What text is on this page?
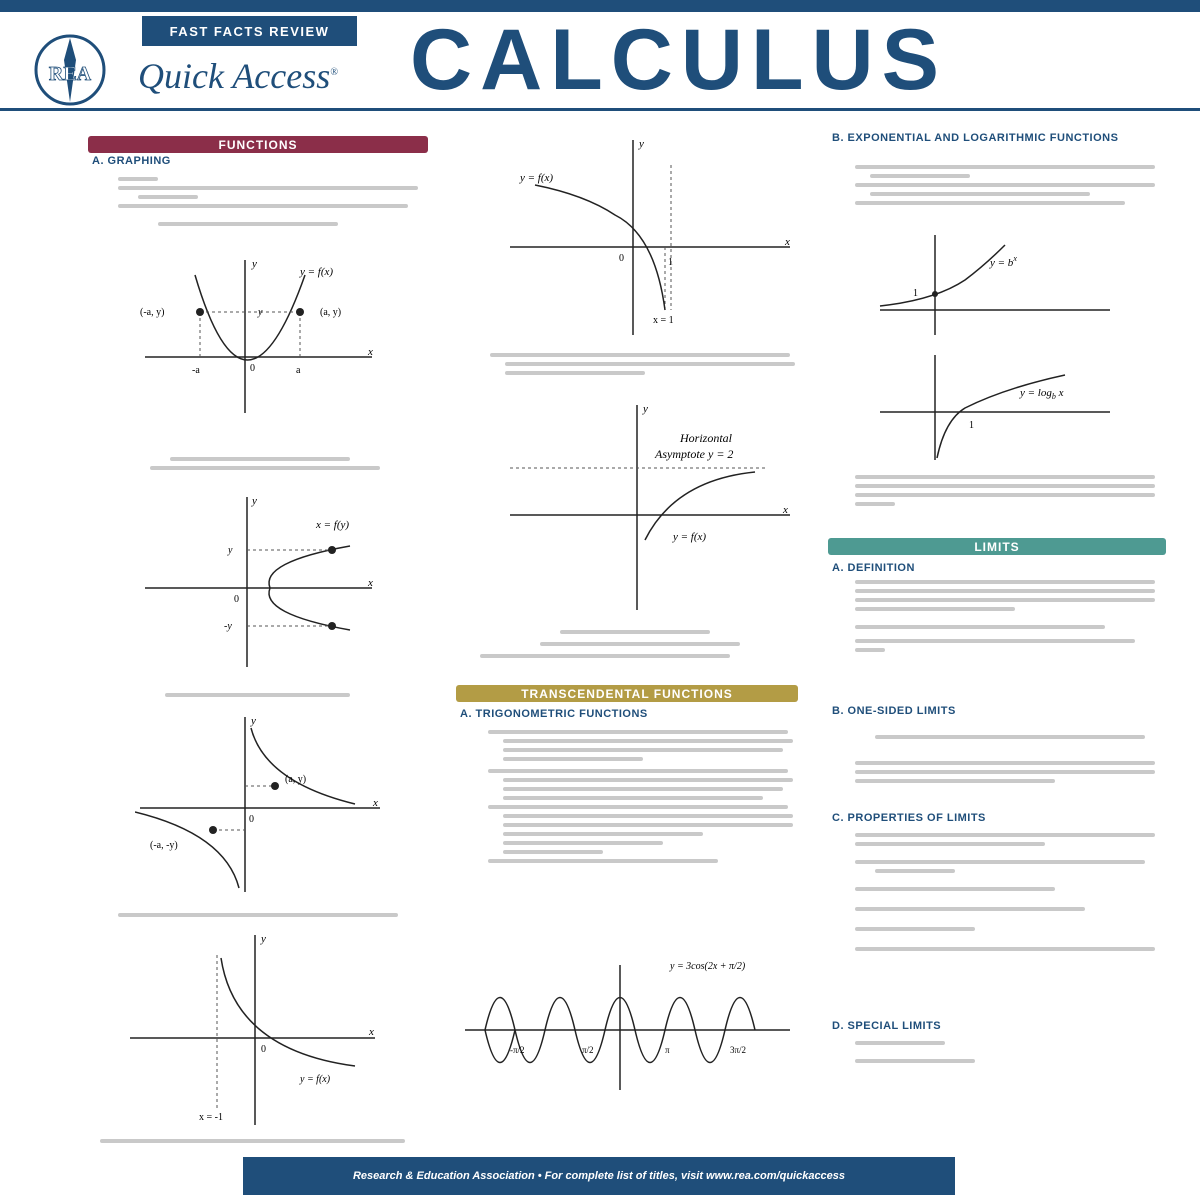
REA
FAST FACTS REVIEW
Quick Access® CALCULUS
FUNCTIONS
A. GRAPHING
y
x
y = f(x)
(-a, y)	(a, y)
y
0
-a	a
y
x
x = f(y)
y
-y
0
y
x
(a, y)
(-a, -y)
0
y
x
y = f(x)
x = -1
0
y
x
y = f(x)
0	1
x = 1
y
x
Horizontal
Asymptote y = 2
y = f(x)
TRANSCENDENTAL FUNCTIONS
A. TRIGONOMETRIC FUNCTIONS
y = 3cos(2x + π/2)
-π/2	π/2	π	3π/2
B. EXPONENTIAL AND LOGARITHMIC FUNCTIONS
1
$y = b^x$
1
$y = \log_b x$
LIMITS
A. DEFINITION
B. ONE-SIDED LIMITS
C. PROPERTIES OF LIMITS
D. SPECIAL LIMITS
Research & Education Association • For complete list of titles, visit www.rea.com/quickaccess
